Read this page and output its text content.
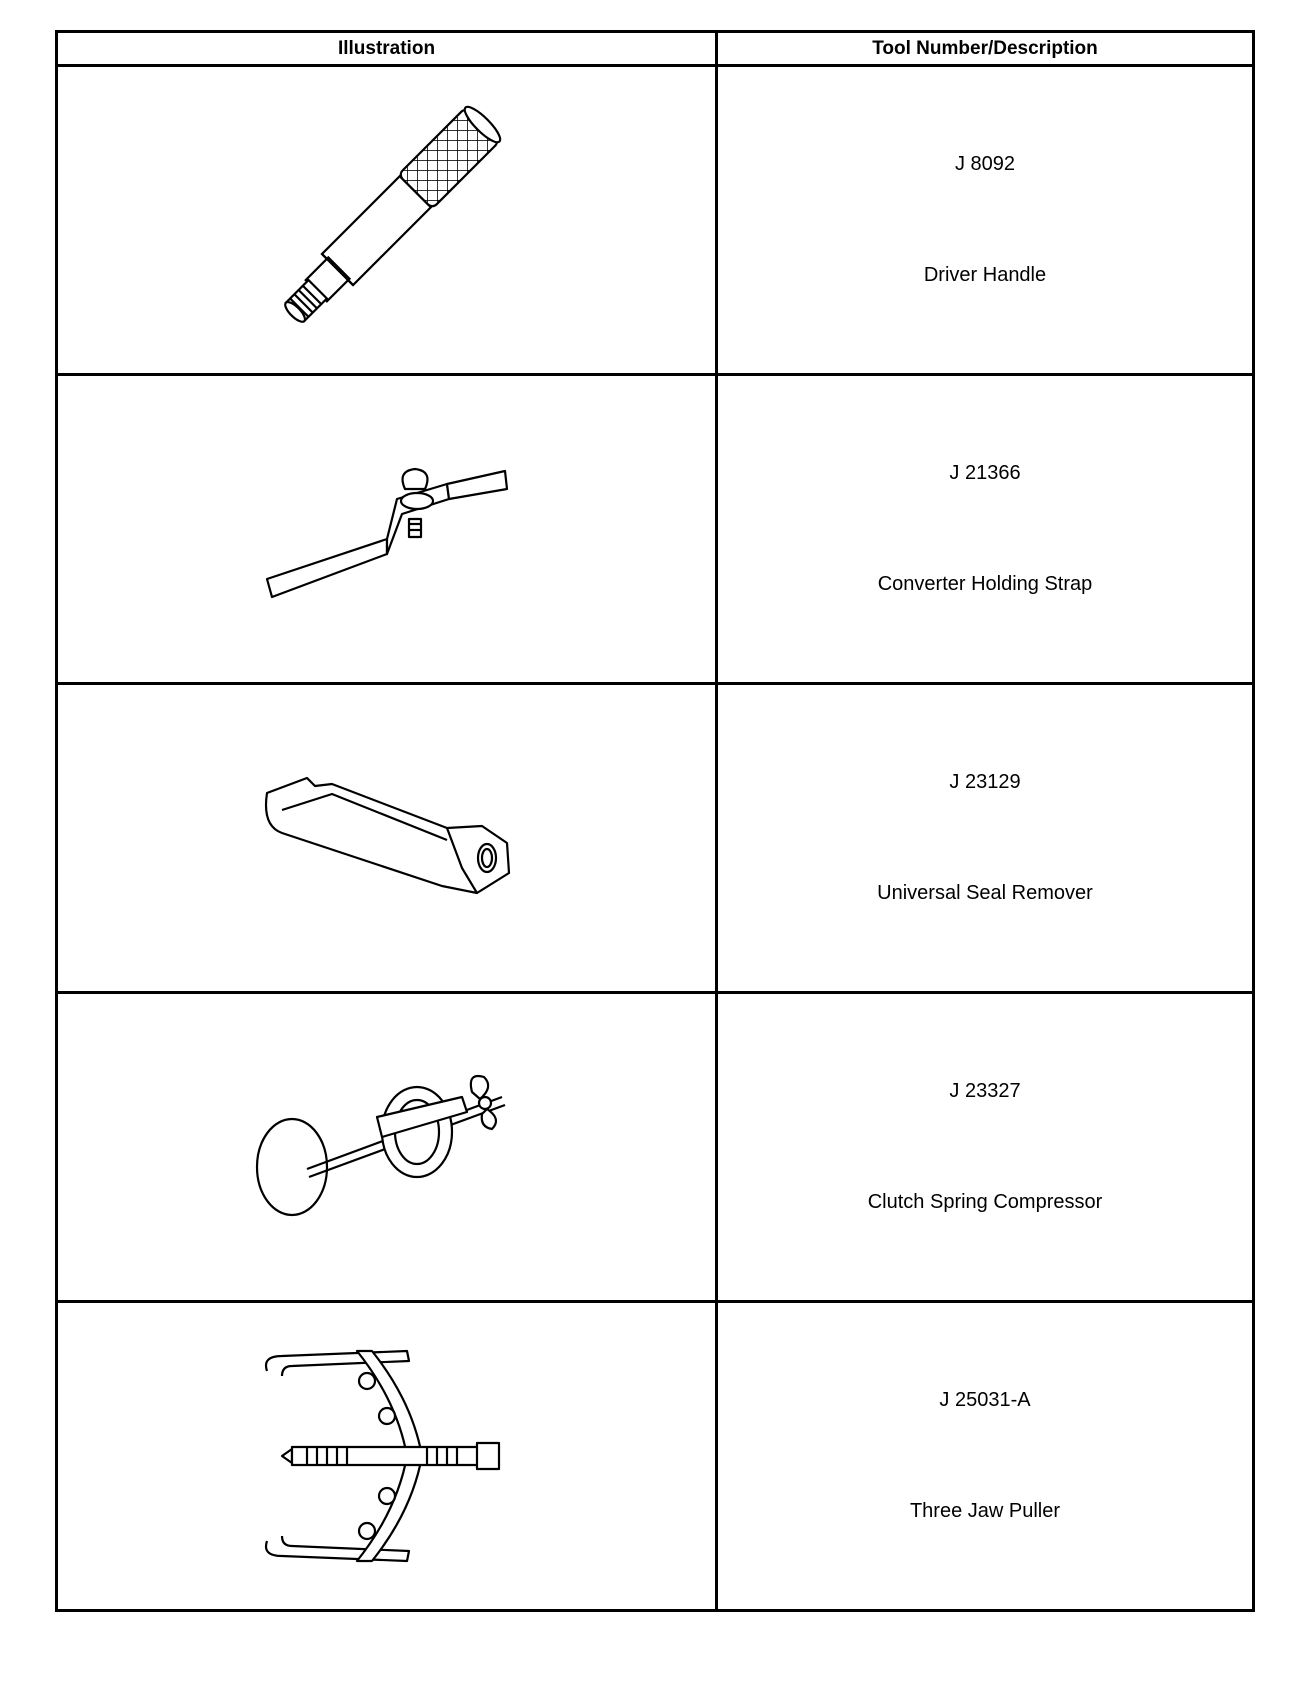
Illustration	Tool Number/Description

J 8092
Driver Handle

J 21366
Converter Holding Strap

J 23129
Universal Seal Remover

J 23327
Clutch Spring Compressor

J 25031-A
Three Jaw Puller
